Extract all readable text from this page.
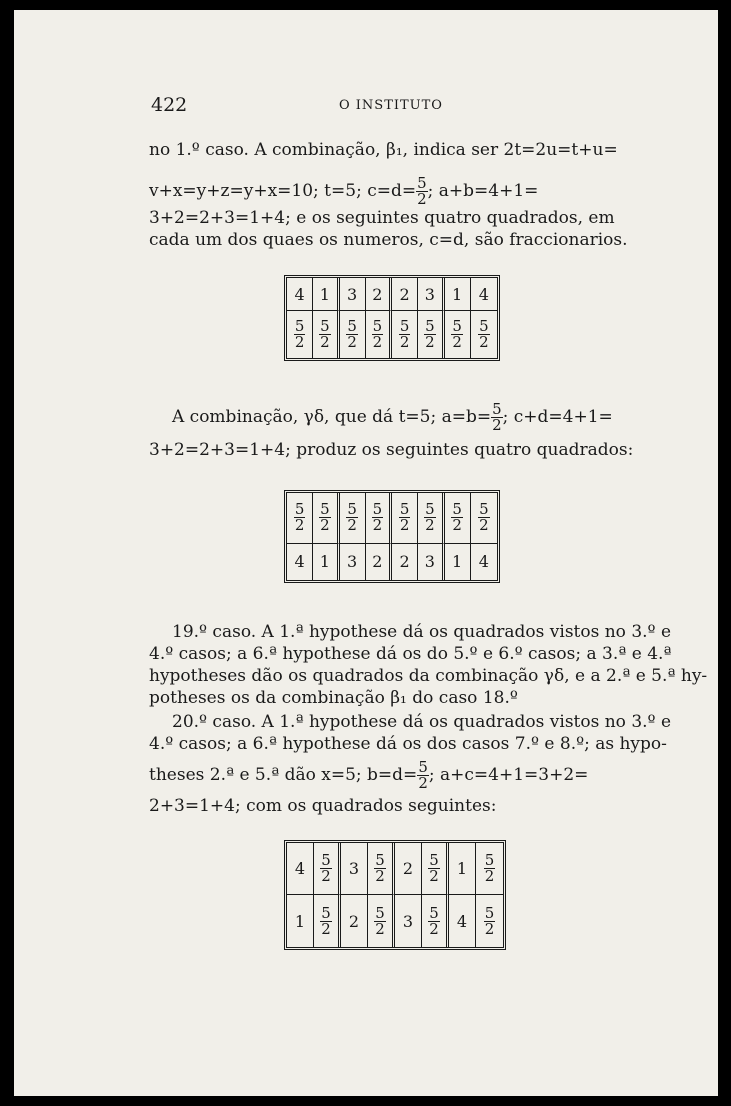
422	O INSTITUTO
no 1.º caso. A combinação, β₁, indica ser 2t=2u=t+u=
v+x=y+z=y+x=10; t=5; $c=d= \frac{5}{2}$ ; a+b=4+1=
3+2=2+3=1+4; e os seguintes quatro quadrados, em
cada um dos quaes os numeros, c=d, são fraccionarios.
4 1	3 2	2 3	1	4
$\frac{5}{2} \frac{5}{2} \frac{5}{2} \frac{5}{2} \frac{5}{2} \frac{5}{2} \frac{5}{2} \frac{5}{2}$
A combinação, γδ, que dá t=5; $a=b= \frac{5}{2}$ ; c+d=4+1=
3+2=2+3=1+4; produz os seguintes quatro quadrados:
$\frac{5}{2} \frac{5}{2} \frac{5}{2} \frac{5}{2} \frac{5}{2} \frac{5}{2} \frac{5}{2} \frac{5}{2}$
4 1	3 2	2 3	1	4
19.º caso. A 1.ª hypothese dá os quadrados vistos no 3.º e
4.º casos; a 6.ª hypothese dá os do 5.º e 6.º casos; a 3.ª e 4.ª
hypotheses dão os quadrados da combinação γδ, e a 2.ª e 5.ª hy-
potheses os da combinação β₁ do caso 18.º
20.º caso. A 1.ª hypothese dá os quadrados vistos no 3.º e
4.º casos; a 6.ª hypothese dá os dos casos 7.º e 8.º; as hypo-
theses 2.ª e 5.ª dão x=5; $b=d= \frac{5}{2}$ ; a+c=4+1=3+2=
2+3=1+4; com os quadrados seguintes:
$4 \frac{5}{2} 3 \frac{5}{2} 2 \frac{5}{2} 1 \frac{5}{2}$
$1 \frac{5}{2} 2 \frac{5}{2} 3 \frac{5}{2} 4 \frac{5}{2}$
